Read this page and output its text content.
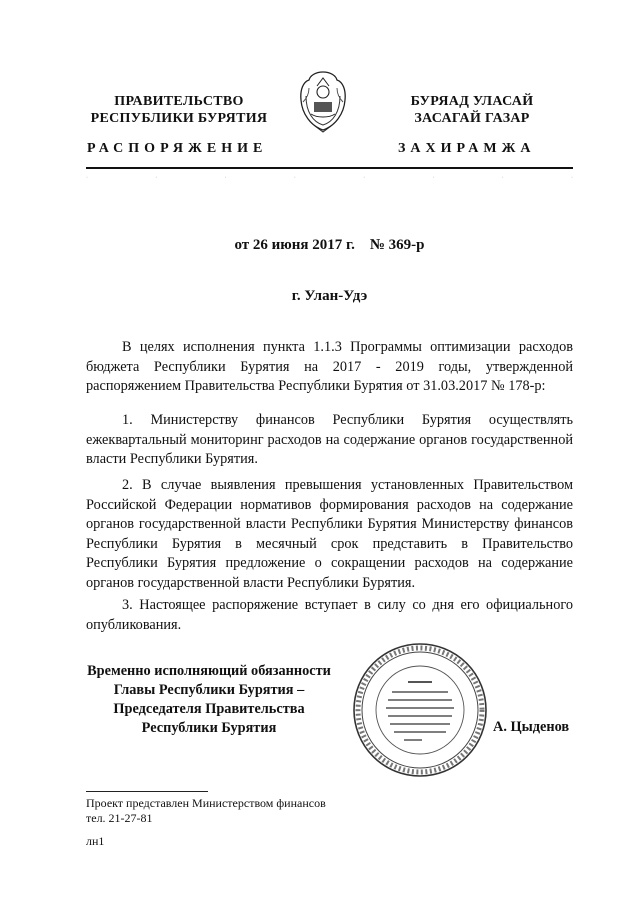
ПРАВИТЕЛЬСТВО
РЕСПУБЛИКИ БУРЯТИЯ
БУРЯАД УЛАСАЙ
ЗАСАГАЙ ГАЗАР
РАСПОРЯЖЕНИЕ	ЗАХИРАМЖА
·	·	·	·	·	·	·	·
от 26 июня 2017 г.    № 369-р
г. Улан-Удэ
В целях исполнения пункта 1.1.3 Программы оптимизации расходов бюджета Республики Бурятия на 2017 - 2019 годы, утвержденной распоряжением Правительства Республики Бурятия от 31.03.2017 № 178-р:
1. Министерству финансов Республики Бурятия осуществлять ежеквартальный мониторинг расходов на содержание органов государственной власти Республики Бурятия.
2. В случае выявления превышения установленных Правительством Российской Федерации нормативов формирования расходов на содержание органов государственной власти Республики Бурятия Министерству финансов Республики Бурятия в месячный срок представить в Правительство Республики Бурятия предложение о сокращении расходов на содержание органов государственной власти Республики Бурятия.
3. Настоящее распоряжение вступает в силу со дня его официального опубликования.
Временно исполняющий обязанности
Главы Республики Бурятия –
Председателя Правительства
Республики Бурятия	А. Цыденов
Проект представлен Министерством финансов
тел. 21-27-81
лн1
